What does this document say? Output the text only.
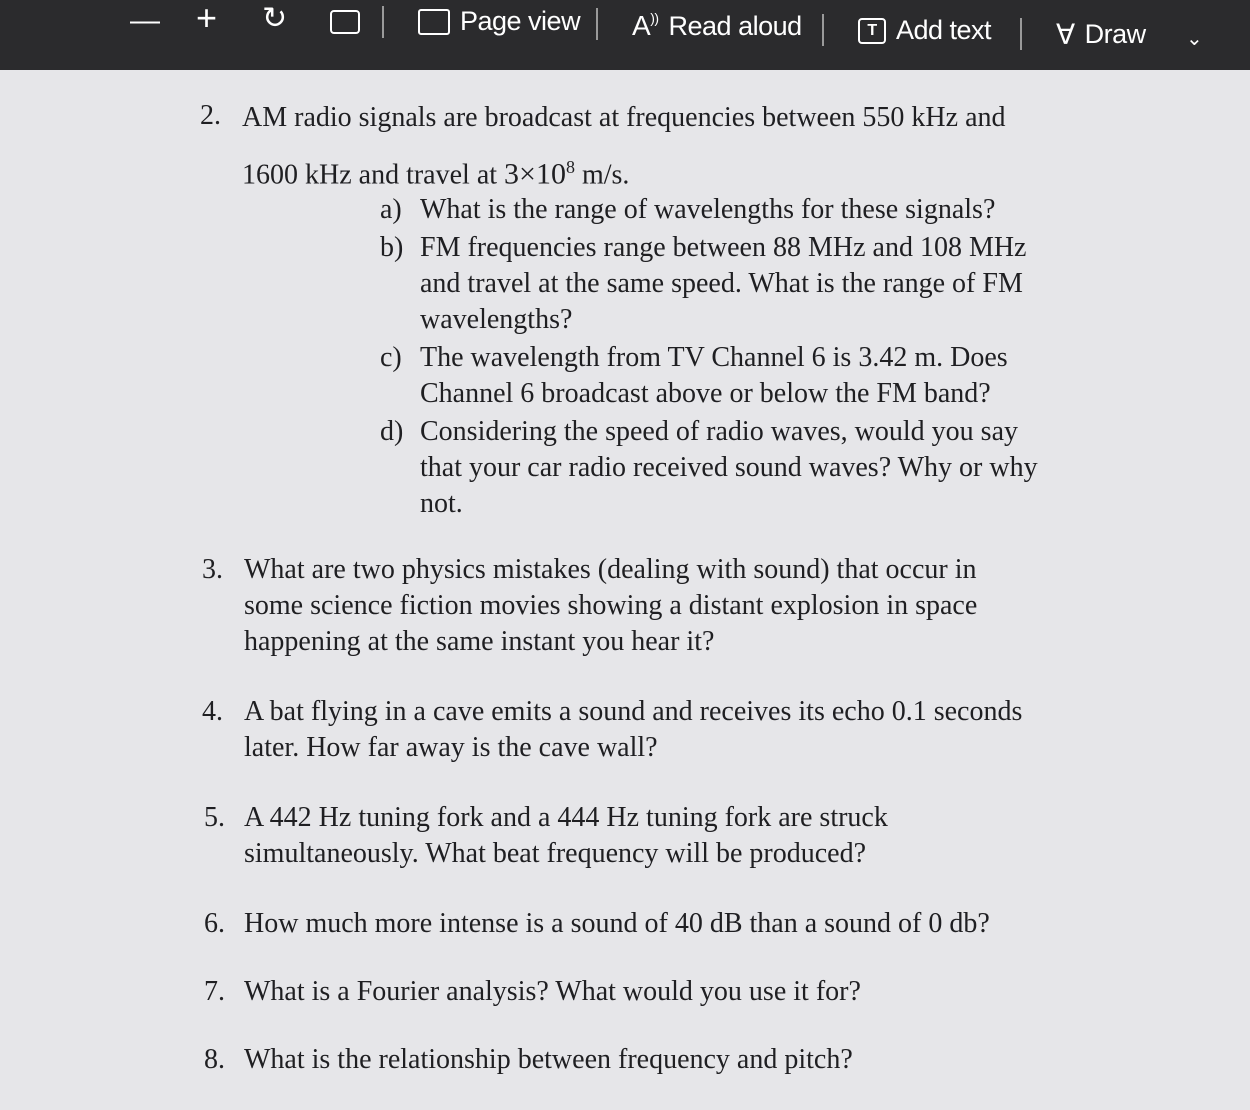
— + ↻	Page view A)) Read aloud	T Add text ∀ Draw ⌄
2. AM radio signals are broadcast at frequencies between 550 kHz and
1600 kHz and travel at $3\times 10^8$ m/s.
a) What is the range of wavelengths for these signals?
b) FM frequencies range between 88 MHz and 108 MHz
and travel at the same speed. What is the range of FM
wavelengths?
c) The wavelength from TV Channel 6 is 3.42 m. Does
Channel 6 broadcast above or below the FM band?
d) Considering the speed of radio waves, would you say
that your car radio received sound waves? Why or why
not.
3. What are two physics mistakes (dealing with sound) that occur in
some science fiction movies showing a distant explosion in space
happening at the same instant you hear it?
4. A bat flying in a cave emits a sound and receives its echo 0.1 seconds
later. How far away is the cave wall?
5. A 442 Hz tuning fork and a 444 Hz tuning fork are struck
simultaneously. What beat frequency will be produced?
6. How much more intense is a sound of 40 dB than a sound of 0 db?
7. What is a Fourier analysis? What would you use it for?
8. What is the relationship between frequency and pitch?
